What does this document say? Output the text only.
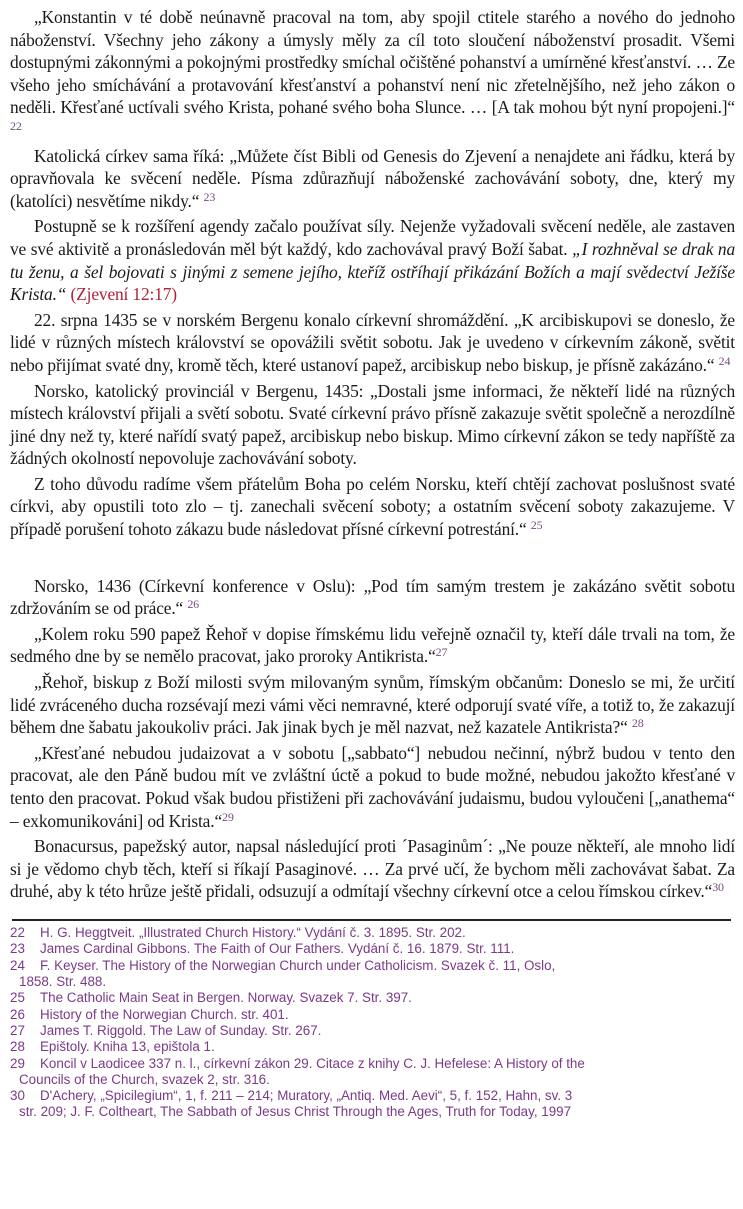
„Konstantin v té době neúnavně pracoval na tom, aby spojil ctitele starého a nového do jednoho náboženství. Všechny jeho zákony a úmysly měly za cíl toto sloučení náboženství prosadit. Všemi dostupnými zákonnými a pokojnými prostředky smíchal očištěné pohanství a umírněné křesťanství. … Ze všeho jeho smíchávání a protavování křesťanství a pohanství není nic zřetelnějšího, než jeho zákon o neděli. Křesťané uctívali svého Krista, pohané svého boha Slunce. … [A tak mohou být nyní propojeni.]“ $^{22}$

Katolická církev sama říká: „Můžete číst Bibli od Genesis do Zjevení a nenajdete ani řádku, která by opravňovala ke svěcení neděle. Písma zdůrazňují náboženské zachovávání soboty, dne, který my (katolíci) nesvětíme nikdy.“ $^{23}$

Postupně se k rozšíření agendy začalo používat síly. Nejenže vyžadovali svěcení neděle, ale zastaven ve své aktivitě a pronásledován měl být každý, kdo zachovával pravý Boží šabat. „I rozhněval se drak na tu ženu, a šel bojovati s jinými z semene jejího, kteříž ostříhají přikázání Božích a mají svědectví Ježíše Krista.“ (Zjevení 12:17)

22. srpna 1435 se v norském Bergenu konalo církevní shromáždění. „K arcibiskupovi se doneslo, že lidé v různých místech království se opovážili světit sobotu. Jak je uvedeno v církevním zákoně, světit nebo přijímat svaté dny, kromě těch, které ustanoví papež, arcibiskup nebo biskup, je přísně zakázáno.“ $^{24}$

Norsko, katolický provinciál v Bergenu, 1435: „Dostali jsme informaci, že někteří lidé na různých místech království přijali a světí sobotu. Svaté církevní právo přísně zakazuje světit společně a nerozdílně jiné dny než ty, které nařídí svatý papež, arcibiskup nebo biskup. Mimo církevní zákon se tedy napříště za žádných okolností nepovoluje zachovávání soboty.

Z toho důvodu radíme všem přátelům Boha po celém Norsku, kteří chtějí zachovat poslušnost svaté církvi, aby opustili toto zlo – tj. zanechali svěcení soboty; a ostatním svěcení soboty zakazujeme. V případě porušení tohoto zákazu bude následovat přísné církevní potrestání.“ $^{25}$

Norsko, 1436 (Církevní konference v Oslu): „Pod tím samým trestem je zakázáno světit sobotu zdržováním se od práce.“ $^{26}$

„Kolem roku 590 papež Řehoř v dopise římskému lidu veřejně označil ty, kteří dále trvali na tom, že sedmého dne by se nemělo pracovat, jako proroky Antikrista.“$^{27}$

„Řehoř, biskup z Boží milosti svým milovaným synům, římským občanům: Doneslo se mi, že určití lidé zvráceného ducha rozsévají mezi vámi věci nemravné, které odporují svaté víře, a totiž to, že zakazují během dne šabatu jakoukoliv práci. Jak jinak bych je měl nazvat, než kazatele Antikrista?“ $^{28}$

„Křesťané nebudou judaizovat a v sobotu [„sabbato“] nebudou nečinní, nýbrž budou v tento den pracovat, ale den Páně budou mít ve zvláštní úctě a pokud to bude možné, nebudou jakožto křesťané v tento den pracovat. Pokud však budou přistiženi při zachovávání judaismu, budou vyloučeni [„anathema“ – exkomunikováni] od Krista.“$^{29}$

Bonacursus, papežský autor, napsal následující proti ´Pasaginům´: „Ne pouze někteří, ale mnoho lidí si je vědomo chyb těch, kteří si říkají Pasaginové. … Za prvé učí, že bychom měli zachovávat šabat. Za druhé, aby k této hrůze ještě přidali, odsuzují a odmítají všechny církevní otce a celou římskou církev.“$^{30}$

22	H. G. Heggtveit. „Illustrated Church History.“ Vydání č. 3. 1895. Str. 202.
23	James Cardinal Gibbons. The Faith of Our Fathers. Vydání č. 16. 1879. Str. 111.
24	F. Keyser. The History of the Norwegian Church under Catholicism. Svazek č. 11, Oslo,
1858. Str. 488.
25	The Catholic Main Seat in Bergen. Norway. Svazek 7. Str. 397.
26	History of the Norwegian Church. str. 401.
27	James T. Riggold. The Law of Sunday. Str. 267.
28	Epištoly. Kniha 13, epištola 1.
29	Koncil v Laodicee 337 n. l., církevní zákon 29. Citace z knihy C. J. Hefelese: A History of the
Councils of the Church, svazek 2, str. 316.
30	D'Achery, „Spicilegium“, 1, f. 211 – 214; Muratory, „Antiq. Med. Aevi“, 5, f. 152, Hahn, sv. 3
str. 209; J. F. Coltheart, The Sabbath of Jesus Christ Through the Ages, Truth for Today, 1997
